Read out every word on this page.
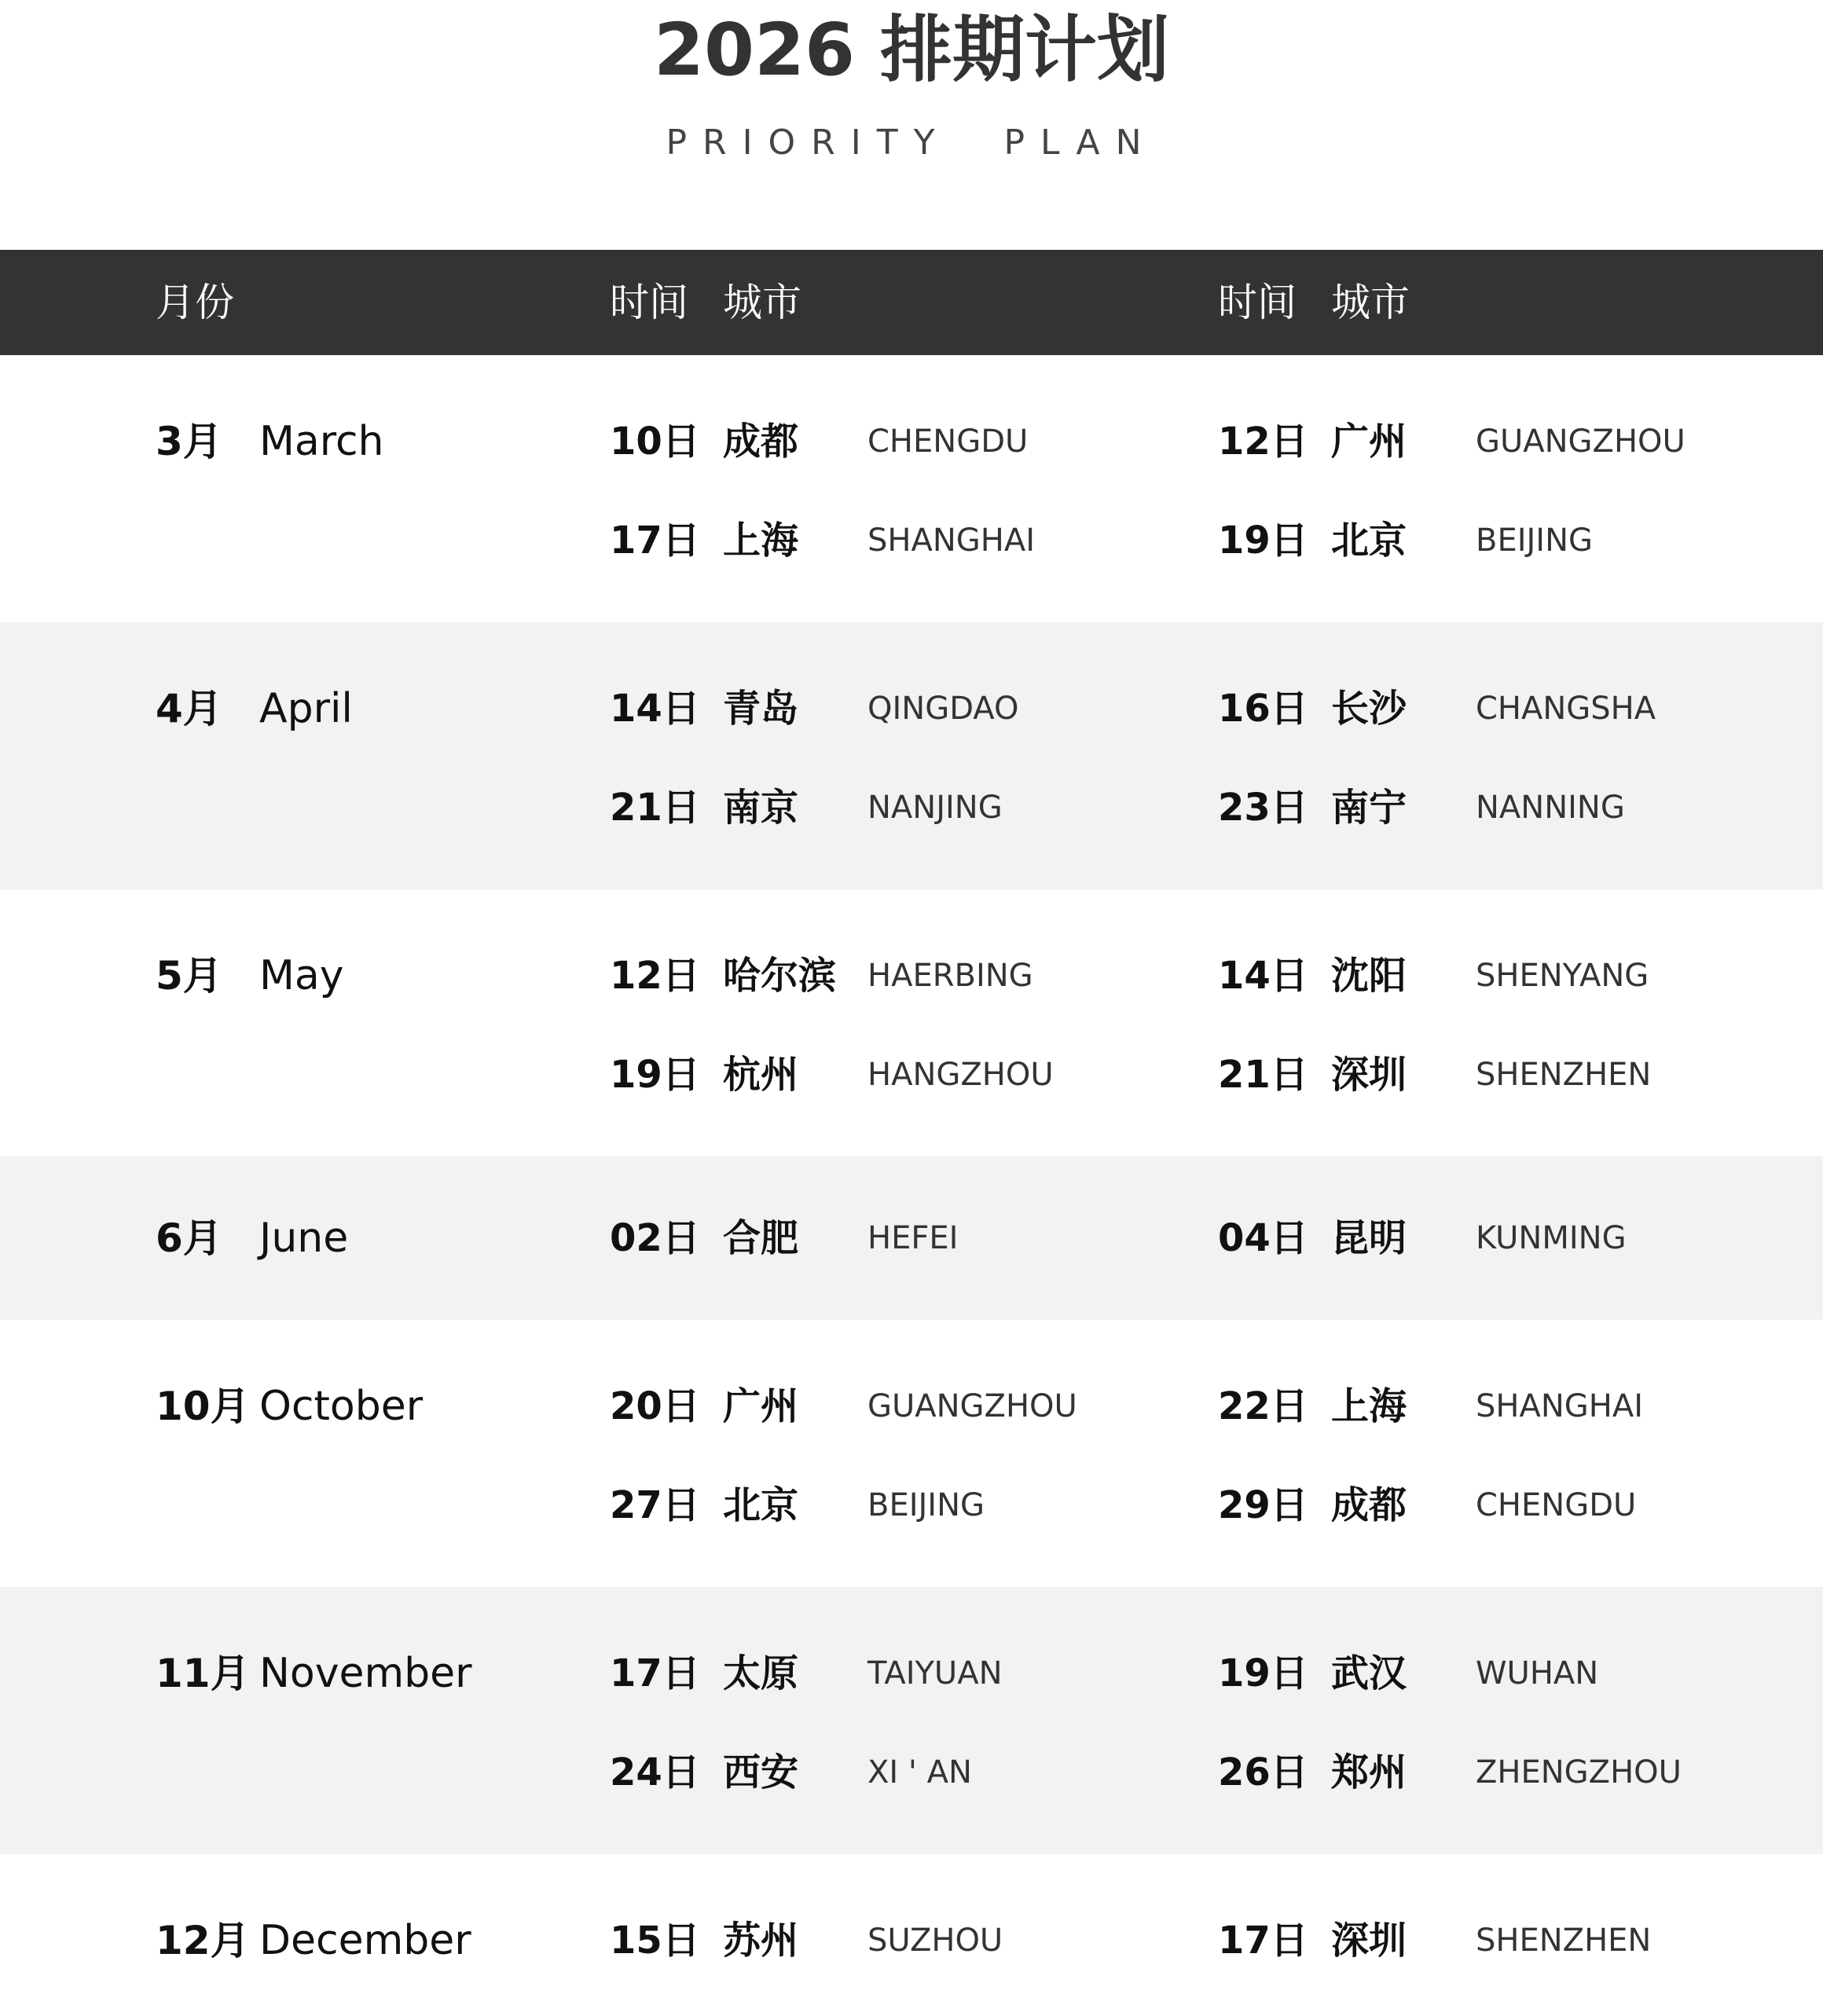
2026 排期计划
PRIORITY  PLAN
月份	时间 城市	时间 城市
3月 March	10日 成都 CHENGDU	12日 广州 GUANGZHOU
17日 上海 SHANGHAI	19日 北京 BEIJING
4月 April	14日 青岛 QINGDAO	16日 长沙 CHANGSHA
21日 南京 NANJING	23日 南宁 NANNING
5月 May	12日 哈尔滨 HAERBING	14日 沈阳 SHENYANG
19日 杭州 HANGZHOU	21日 深圳 SHENZHEN
6月 June	02日 合肥 HEFEI	04日 昆明 KUNMING
10月 October	20日 广州 GUANGZHOU	22日 上海 SHANGHAI
27日 北京 BEIJING	29日 成都 CHENGDU
11月 November	17日 太原 TAIYUAN	19日 武汉 WUHAN
24日 西安 XI ' AN	26日 郑州 ZHENGZHOU
12月 December	15日 苏州 SUZHOU	17日 深圳 SHENZHEN
